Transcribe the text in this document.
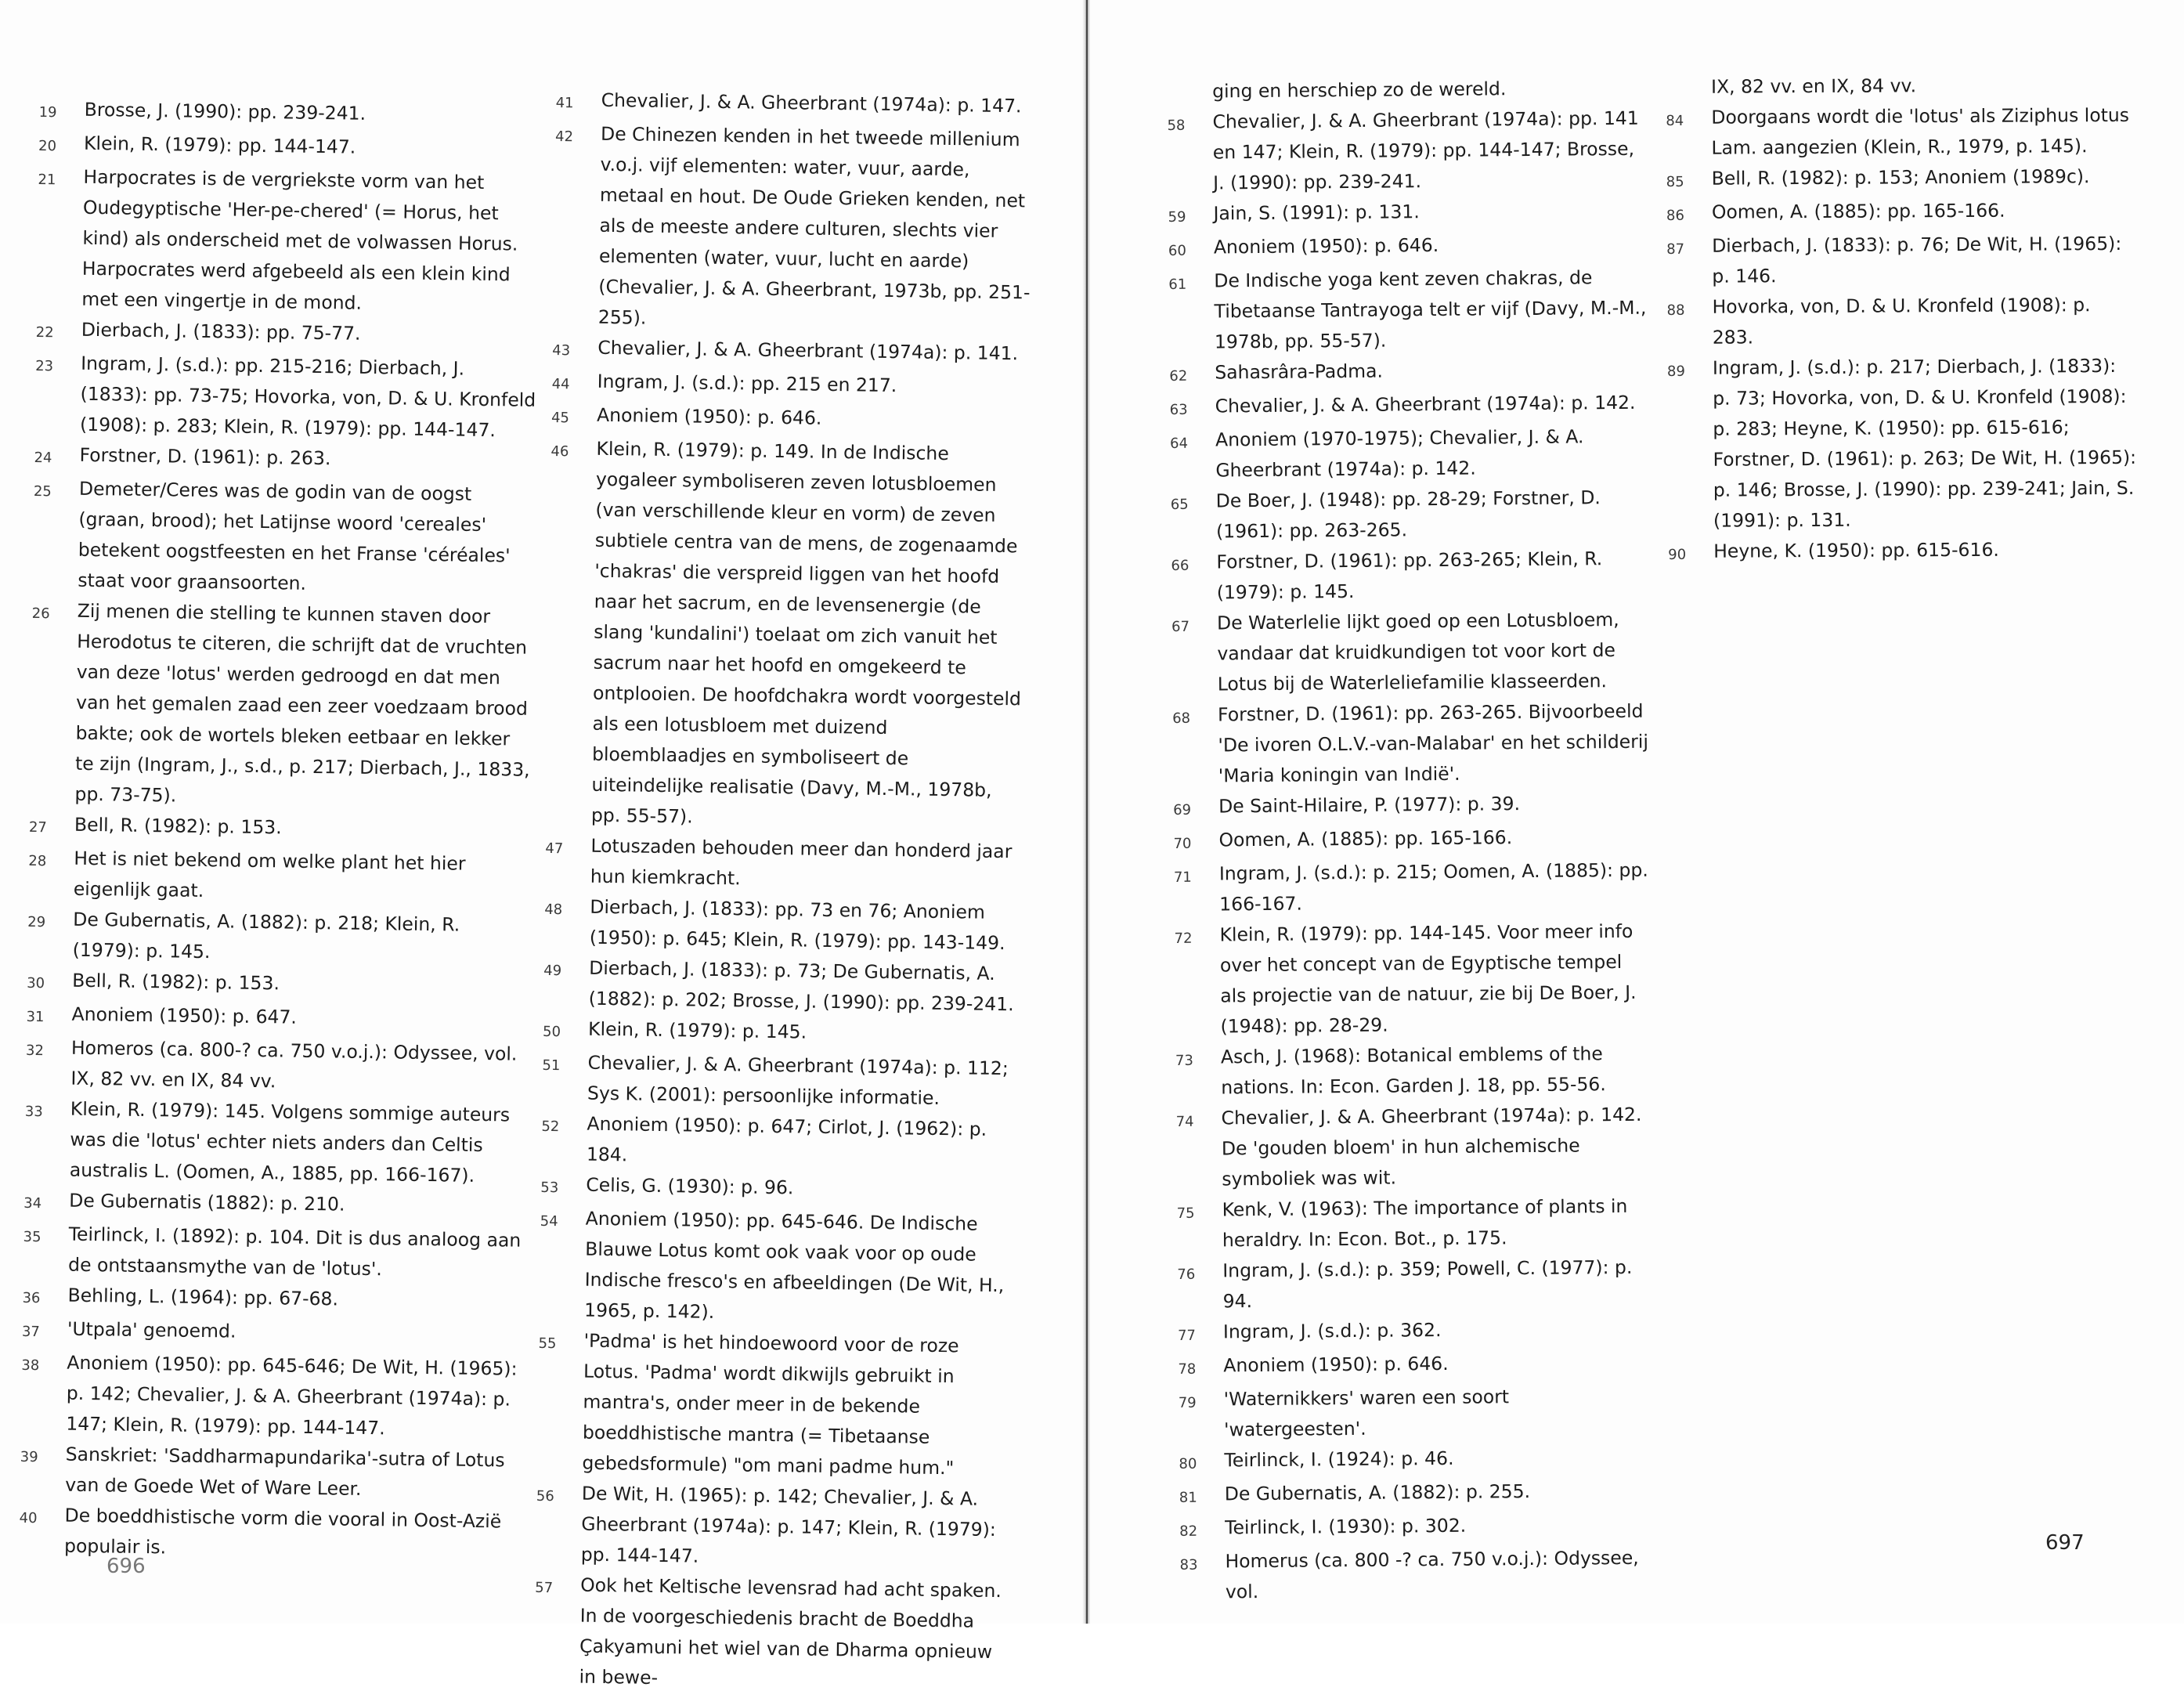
19	Brosse, J. (1990): pp. 239-241.

20	Klein, R. (1979): pp. 144-147.

21	Harpocrates is de vergriekste vorm van het Oudegyptische 'Her-pe-chered' (= Horus, het kind) als onderscheid met de volwassen Horus. Harpocrates werd afgebeeld als een klein kind met een vingertje in de mond.

22	Dierbach, J. (1833): pp. 75-77.

23	Ingram, J. (s.d.): pp. 215-216; Dierbach, J. (1833): pp. 73-75; Hovorka, von, D. & U. Kronfeld (1908): p. 283; Klein, R. (1979): pp. 144-147.

24	Forstner, D. (1961): p. 263.

25	Demeter/Ceres was de godin van de oogst (graan, brood); het Latijnse woord 'cereales' betekent oogstfeesten en het Franse 'céréales' staat voor graansoorten.

26	Zij menen die stelling te kunnen staven door Herodotus te citeren, die schrijft dat de vruchten van deze 'lotus' werden gedroogd en dat men van het gemalen zaad een zeer voedzaam brood bakte; ook de wortels bleken eetbaar en lekker te zijn (Ingram, J., s.d., p. 217; Dierbach, J., 1833, pp. 73-75).

27	Bell, R. (1982): p. 153.

28	Het is niet bekend om welke plant het hier eigenlijk gaat.

29	De Gubernatis, A. (1882): p. 218; Klein, R. (1979): p. 145.

30	Bell, R. (1982): p. 153.

31	Anoniem (1950): p. 647.

32	Homeros (ca. 800-? ca. 750 v.o.j.): Odyssee, vol. IX, 82 vv. en IX, 84 vv.

33	Klein, R. (1979): 145. Volgens sommige auteurs was die 'lotus' echter niets anders dan Celtis australis L. (Oomen, A., 1885, pp. 166-167).

34	De Gubernatis (1882): p. 210.

35	Teirlinck, I. (1892): p. 104. Dit is dus analoog aan de ontstaansmythe van de 'lotus'.

36	Behling, L. (1964): pp. 67-68.

37	'Utpala' genoemd.

38	Anoniem (1950): pp. 645-646; De Wit, H. (1965): p. 142; Chevalier, J. & A. Gheerbrant (1974a): p. 147; Klein, R. (1979): pp. 144-147.

39	Sanskriet: 'Saddharmapundarika'-sutra of Lotus van de Goede Wet of Ware Leer.

40	De boeddhistische vorm die vooral in Oost-Azië populair is.

41	Chevalier, J. & A. Gheerbrant (1974a): p. 147.

42	De Chinezen kenden in het tweede millenium v.o.j. vijf elementen: water, vuur, aarde, metaal en hout. De Oude Grieken kenden, net als de meeste andere culturen, slechts vier elementen (water, vuur, lucht en aarde) (Chevalier, J. & A. Gheerbrant, 1973b, pp. 251-255).

43	Chevalier, J. & A. Gheerbrant (1974a): p. 141.

44	Ingram, J. (s.d.): pp. 215 en 217.

45	Anoniem (1950): p. 646.

46	Klein, R. (1979): p. 149. In de Indische yogaleer symboliseren zeven lotusbloemen (van verschillende kleur en vorm) de zeven subtiele centra van de mens, de zogenaamde 'chakras' die verspreid liggen van het hoofd naar het sacrum, en de levensenergie (de slang 'kundalini') toelaat om zich vanuit het sacrum naar het hoofd en omgekeerd te ontplooien. De hoofdchakra wordt voorgesteld als een lotusbloem met duizend bloemblaadjes en symboliseert de uiteindelijke realisatie (Davy, M.-M., 1978b, pp. 55-57).

47	Lotuszaden behouden meer dan honderd jaar hun kiemkracht.

48	Dierbach, J. (1833): pp. 73 en 76; Anoniem (1950): p. 645; Klein, R. (1979): pp. 143-149.

49	Dierbach, J. (1833): p. 73; De Gubernatis, A. (1882): p. 202; Brosse, J. (1990): pp. 239-241.

50	Klein, R. (1979): p. 145.

51	Chevalier, J. & A. Gheerbrant (1974a): p. 112; Sys K. (2001): persoonlijke informatie.

52	Anoniem (1950): p. 647; Cirlot, J. (1962): p. 184.

53	Celis, G. (1930): p. 96.

54	Anoniem (1950): pp. 645-646. De Indische Blauwe Lotus komt ook vaak voor op oude Indische fresco's en afbeeldingen (De Wit, H., 1965, p. 142).

55	'Padma' is het hindoewoord voor de roze Lotus. 'Padma' wordt dikwijls gebruikt in mantra's, onder meer in de bekende boeddhistische mantra (= Tibetaanse gebedsformule) "om mani padme hum."

56	De Wit, H. (1965): p. 142; Chevalier, J. & A. Gheerbrant (1974a): p. 147; Klein, R. (1979): pp. 144-147.

57	Ook het Keltische levensrad had acht spaken. In de voorgeschiedenis bracht de Boeddha Çakyamuni het wiel van de Dharma opnieuw in bewe-

696
ging en herschiep zo de wereld.
58	Chevalier, J. & A. Gheerbrant (1974a): pp. 141 en 147; Klein, R. (1979): pp. 144-147; Brosse, J. (1990): pp. 239-241.

59	Jain, S. (1991): p. 131.

60	Anoniem (1950): p. 646.

61	De Indische yoga kent zeven chakras, de Tibetaanse Tantrayoga telt er vijf (Davy, M.-M., 1978b, pp. 55-57).

62	Sahasrâra-Padma.

63	Chevalier, J. & A. Gheerbrant (1974a): p. 142.

64	Anoniem (1970-1975); Chevalier, J. & A. Gheerbrant (1974a): p. 142.

65	De Boer, J. (1948): pp. 28-29; Forstner, D. (1961): pp. 263-265.

66	Forstner, D. (1961): pp. 263-265; Klein, R. (1979): p. 145.

67	De Waterlelie lijkt goed op een Lotusbloem, vandaar dat kruidkundigen tot voor kort de Lotus bij de Waterleliefamilie klasseerden.

68	Forstner, D. (1961): pp. 263-265. Bijvoorbeeld 'De ivoren O.L.V.-van-Malabar' en het schilderij 'Maria koningin van Indië'.

69	De Saint-Hilaire, P. (1977): p. 39.

70	Oomen, A. (1885): pp. 165-166.

71	Ingram, J. (s.d.): p. 215; Oomen, A. (1885): pp. 166-167.

72	Klein, R. (1979): pp. 144-145. Voor meer info over het concept van de Egyptische tempel als projectie van de natuur, zie bij De Boer, J. (1948): pp. 28-29.

73	Asch, J. (1968): Botanical emblems of the nations. In: Econ. Garden J. 18, pp. 55-56.

74	Chevalier, J. & A. Gheerbrant (1974a): p. 142. De 'gouden bloem' in hun alchemische symboliek was wit.

75	Kenk, V. (1963): The importance of plants in heraldry. In: Econ. Bot., p. 175.

76	Ingram, J. (s.d.): p. 359; Powell, C. (1977): p. 94.

77	Ingram, J. (s.d.): p. 362.

78	Anoniem (1950): p. 646.

79	'Waternikkers' waren een soort 'watergeesten'.

80	Teirlinck, I. (1924): p. 46.

81	De Gubernatis, A. (1882): p. 255.

82	Teirlinck, I. (1930): p. 302.

83	Homerus (ca. 800 -? ca. 750 v.o.j.): Odyssee, vol.

IX, 82 vv. en IX, 84 vv.
84	Doorgaans wordt die 'lotus' als Ziziphus lotus Lam. aangezien (Klein, R., 1979, p. 145).

85	Bell, R. (1982): p. 153; Anoniem (1989c).

86	Oomen, A. (1885): pp. 165-166.

87	Dierbach, J. (1833): p. 76; De Wit, H. (1965): p. 146.

88	Hovorka, von, D. & U. Kronfeld (1908): p. 283.

89	Ingram, J. (s.d.): p. 217; Dierbach, J. (1833): p. 73; Hovorka, von, D. & U. Kronfeld (1908): p. 283; Heyne, K. (1950): pp. 615-616; Forstner, D. (1961): p. 263; De Wit, H. (1965): p. 146; Brosse, J. (1990): pp. 239-241; Jain, S. (1991): p. 131.

90	Heyne, K. (1950): pp. 615-616.

697
